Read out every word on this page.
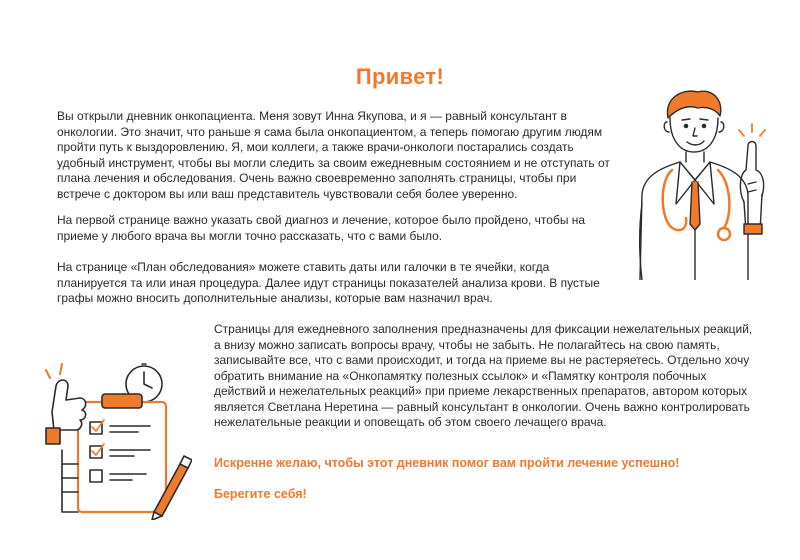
Привет!

Вы открыли дневник онкопациента. Меня зовут Инна Якупова, и я — равный консультант в онкологии. Это значит, что раньше я сама была онкопациентом, а теперь помогаю другим людям пройти путь к выздоровлению. Я, мои коллеги, а также врачи-онкологи постарались создать удобный инструмент, чтобы вы могли следить за своим ежедневным состоянием и не отступать от плана лечения и обследования. Очень важно своевременно заполнять страницы, чтобы при встрече с доктором вы или ваш представитель чувствовали себя более уверенно.

На первой странице важно указать свой диагноз и лечение, которое было пройдено, чтобы на приеме у любого врача вы могли точно рассказать, что с вами было.

На странице «План обследования» можете ставить даты или галочки в те ячейки, когда планируется та или иная процедура. Далее идут страницы показателей анализа крови. В пустые графы можно вносить дополнительные анализы, которые вам назначил врач.

Страницы для ежедневного заполнения предназначены для фиксации нежелательных реакций, а внизу можно записать вопросы врачу, чтобы не забыть. Не полагайтесь на свою память, записывайте все, что с вами происходит, и тогда на приеме вы не растеряетесь. Отдельно хочу обратить внимание на «Онкопамятку полезных ссылок» и «Памятку контроля побочных действий и нежелательных реакций» при приеме лекарственных препаратов, автором которых является Светлана Неретина — равный консультант в онкологии. Очень важно контролировать нежелательные реакции и оповещать об этом своего лечащего врача.

Искренне желаю, чтобы этот дневник помог вам пройти лечение успешно!
Берегите себя!
